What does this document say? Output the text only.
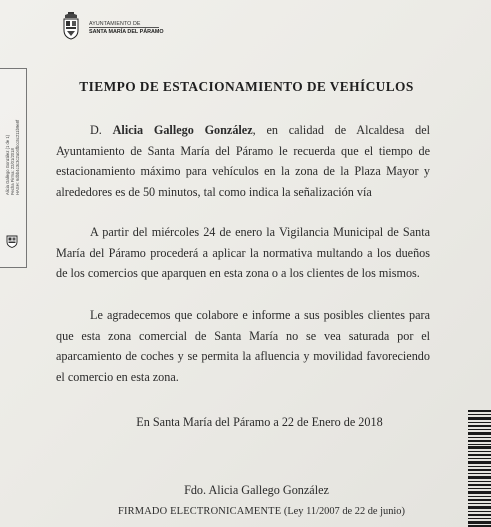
AYUNTAMIENTO DE
SANTA MARÍA DEL PÁRAMO
Alicia Gallego González (1 de 1) Fecha Firma: 22/01/2018 HASH: 6dbb4c3c3c2a04fbcc5c211b9e8f
TIEMPO DE ESTACIONAMIENTO DE VEHÍCULOS
D. Alicia Gallego González, en calidad de Alcaldesa del
Ayuntamiento de Santa María del Páramo le recuerda que el tiempo de
estacionamiento máximo para vehículos en la zona de la Plaza Mayor y
alrededores es de 50 minutos, tal como indica la señalización vía
A partir del miércoles 24 de enero la Vigilancia Municipal de Santa
María del Páramo procederá a aplicar la normativa multando a los dueños
de los comercios que aparquen en esta zona o a los clientes de los mismos.
Le agradecemos que colabore e informe a sus posibles clientes para
que esta zona comercial de Santa María no se vea saturada por el
aparcamiento de coches y se permita la afluencia y movilidad favoreciendo
el comercio en esta zona.
En Santa María del Páramo a 22 de Enero de 2018
Fdo. Alicia Gallego González
FIRMADO ELECTRONICAMENTE (Ley 11/2007 de 22 de junio)
